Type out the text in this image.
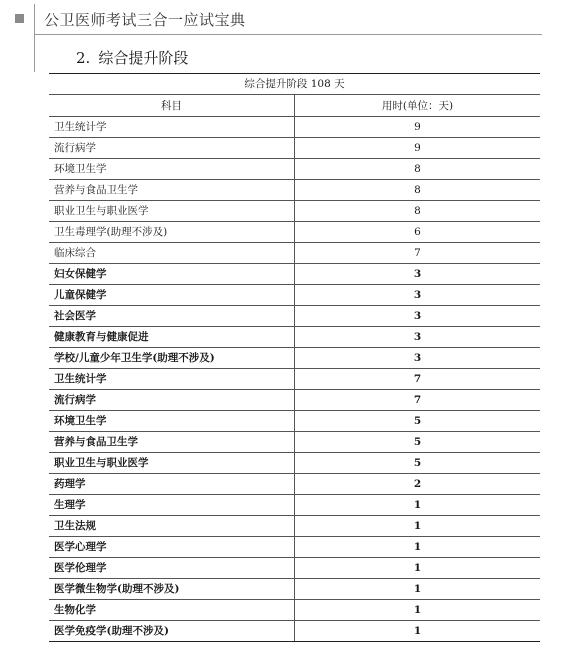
公卫医师考试三合一应试宝典
2. 综合提升阶段
综合提升阶段 108 天	
科目	用时(单位：天)
卫生统计学	9
流行病学	9
环境卫生学	8
营养与食品卫生学	8
职业卫生与职业医学	8
卫生毒理学(助理不涉及)	6
临床综合	7
妇女保健学	3
儿童保健学	3
社会医学	3
健康教育与健康促进	3
学校/儿童少年卫生学(助理不涉及)	3
卫生统计学	7
流行病学	7
环境卫生学	5
营养与食品卫生学	5
职业卫生与职业医学	5
药理学	2
生理学	1
卫生法规	1
医学心理学	1
医学伦理学	1
医学微生物学(助理不涉及)	1
生物化学	1
医学免疫学(助理不涉及)	1
